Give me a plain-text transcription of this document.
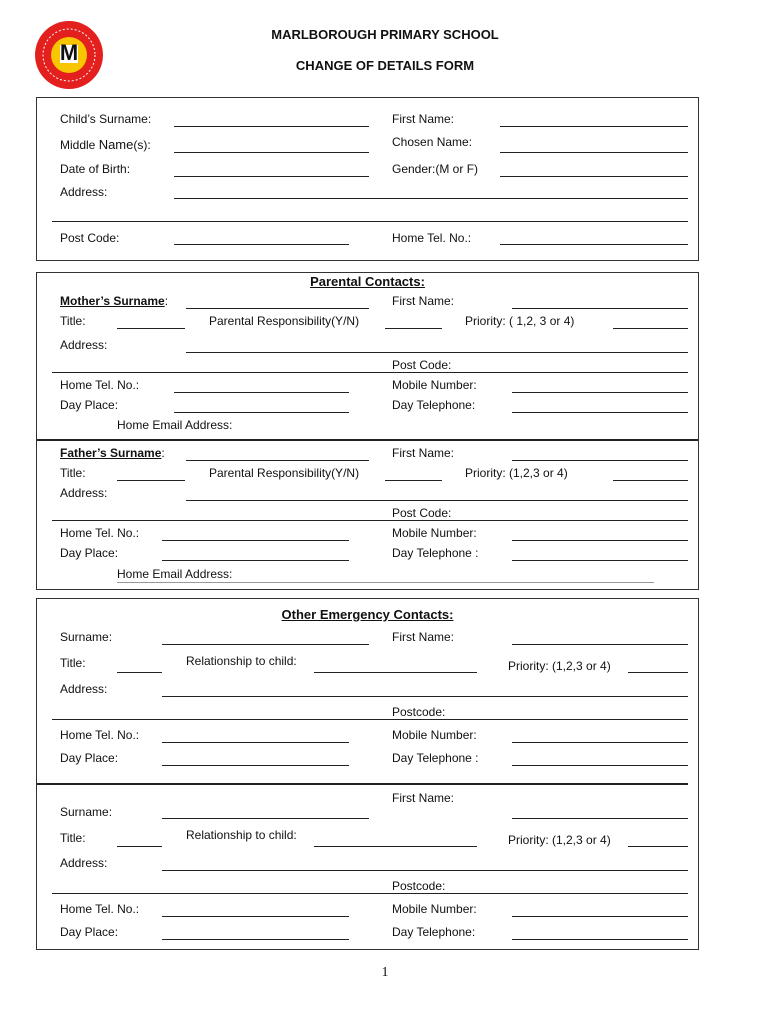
M
MARLBOROUGH PRIMARY SCHOOL
CHANGE OF DETAILS FORM
Child’s Surname:	First Name:
Middle Name(s):	Chosen Name:
Date of Birth:	Gender:(M or F)
Address:
Post Code:	Home Tel. No.:
Parental Contacts:
Mother’s Surname:	First Name:
Title:	Parental Responsibility(Y/N)	Priority: ( 1,2, 3 or 4)
Address:
Post Code:
Home Tel. No.:	Mobile Number:
Day Place:	Day Telephone:
Home Email Address:
Father’s Surname:	First Name:
Title:	Parental Responsibility(Y/N)	Priority: (1,2,3 or 4)
Address:
Post Code:
Home Tel. No.:	Mobile Number:
Day Place:	Day Telephone :
Home Email Address:
Other Emergency Contacts:
Surname:	First Name:
Title:	Relationship to child:	Priority: (1,2,3 or 4)
Address:
Postcode:
Home Tel. No.:	Mobile Number:
Day Place:	Day Telephone :
First Name:
Surname:
Title:	Relationship to child:	Priority: (1,2,3 or 4)
Address:
Postcode:
Home Tel. No.:	Mobile Number:
Day Place:	Day Telephone:
1
